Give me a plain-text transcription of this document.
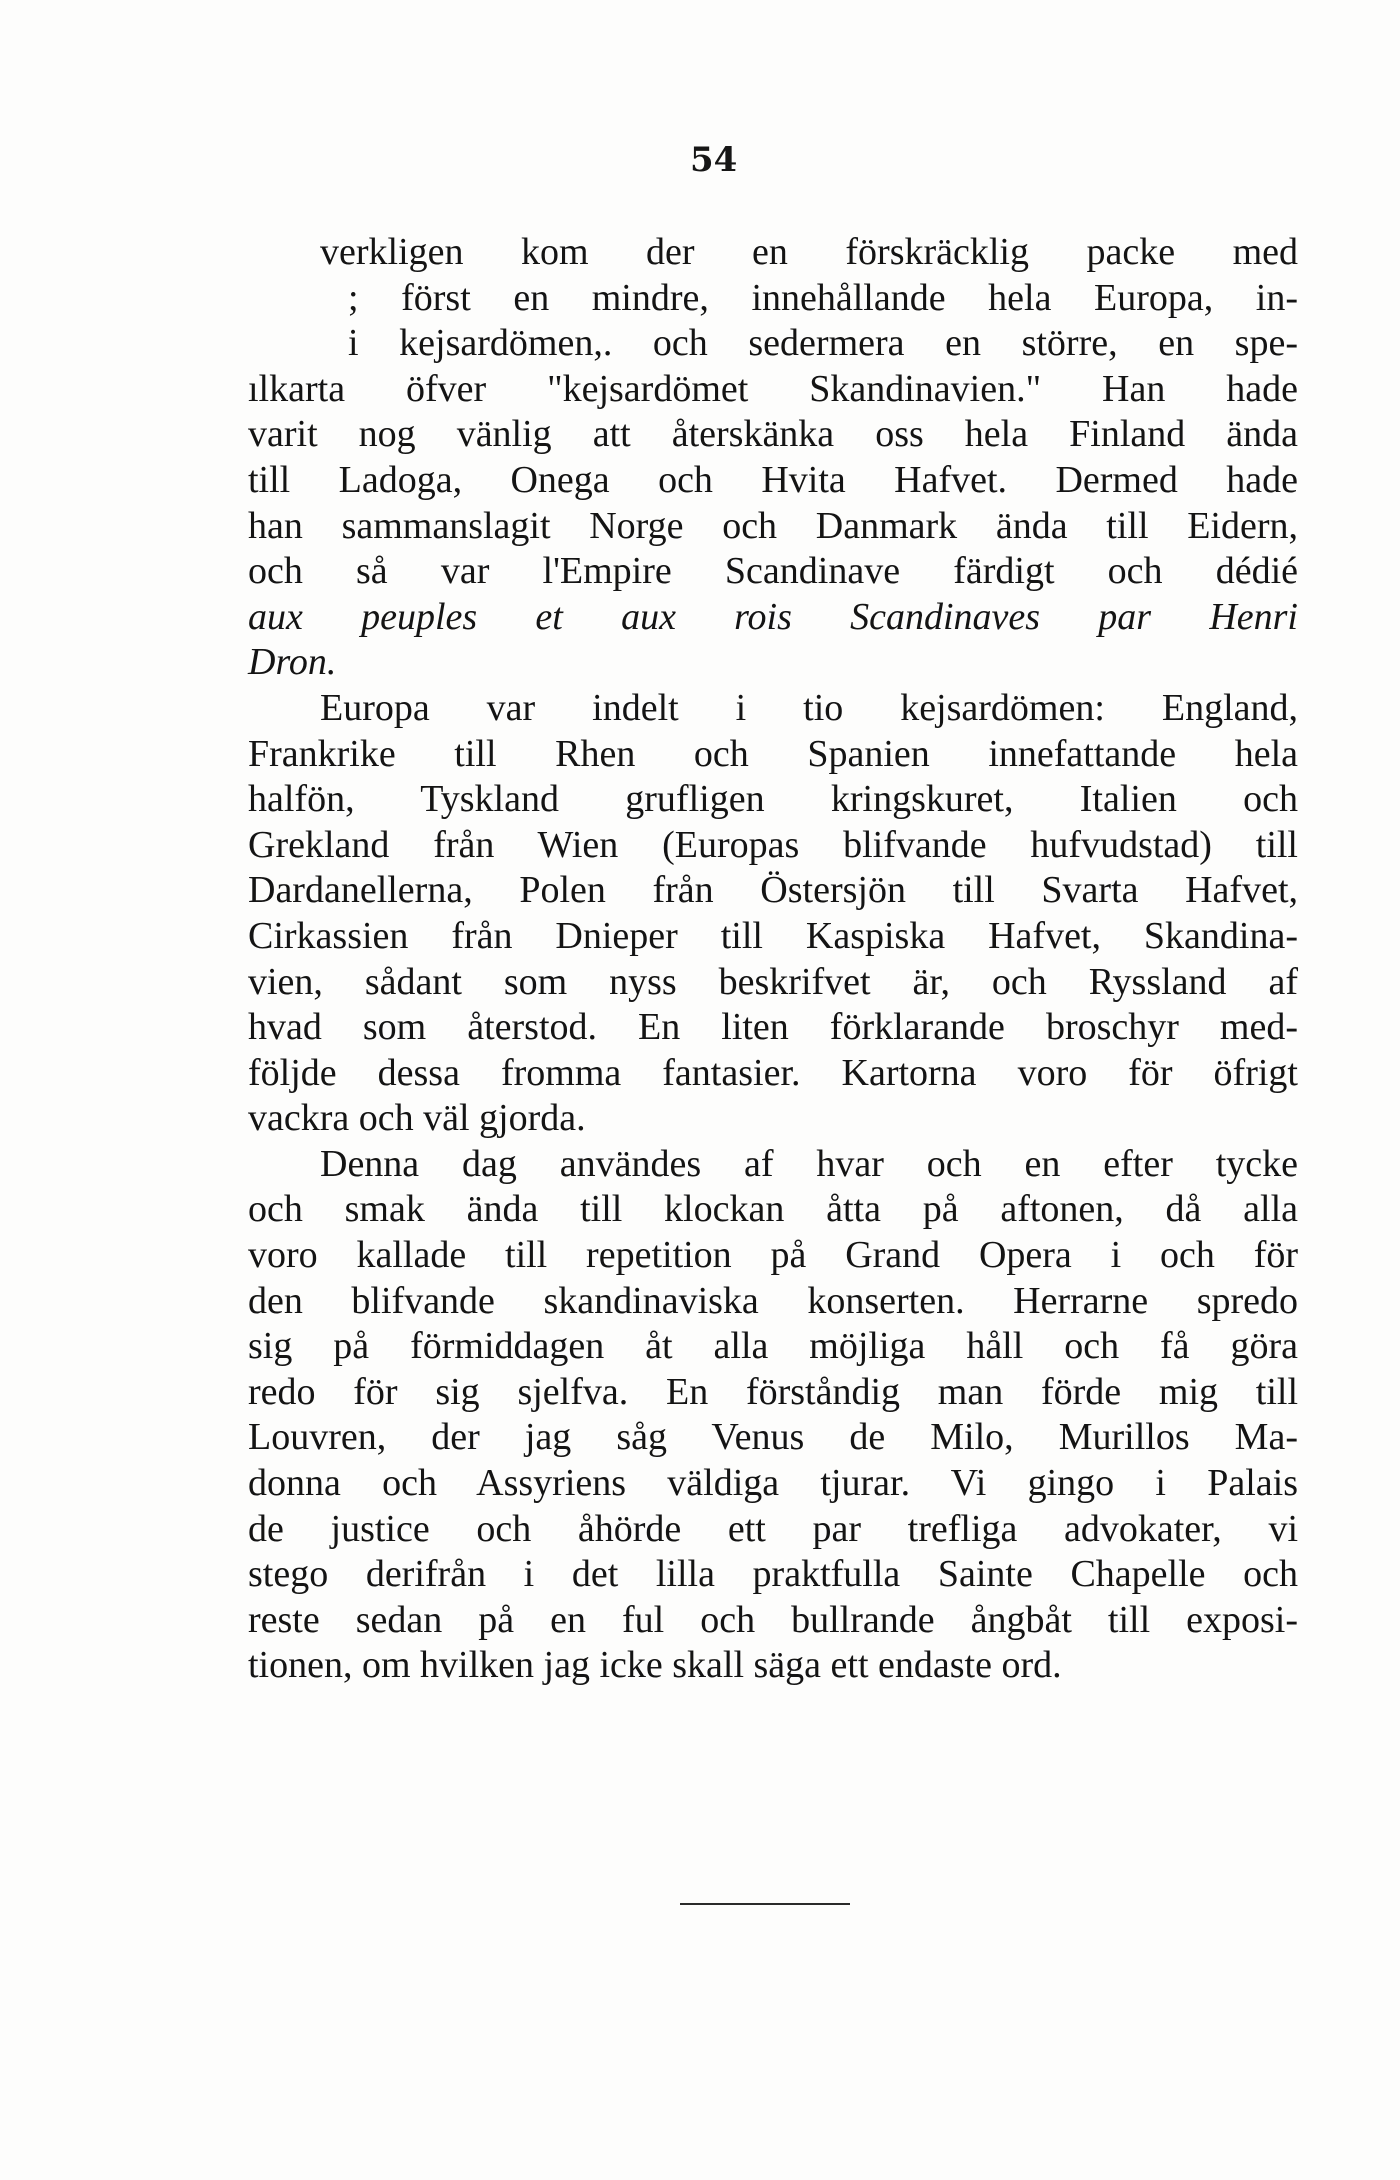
54
verkligen kom der en förskräcklig packe med
; först en mindre, innehållande hela Europa, in-
i kejsardömen,. och sedermera en större, en spe-
ılkarta öfver "kejsardömet Skandinavien." Han hade
varit nog vänlig att återskänka oss hela Finland ända
till Ladoga, Onega och Hvita Hafvet. Dermed hade
han sammanslagit Norge och Danmark ända till Eidern,
och så var l'Empire Scandinave färdigt och dédié
aux peuples et aux rois Scandinaves par Henri
Dron.
Europa var indelt i tio kejsardömen: England,
Frankrike till Rhen och Spanien innefattande hela
halfön, Tyskland grufligen kringskuret, Italien och
Grekland från Wien (Europas blifvande hufvudstad) till
Dardanellerna, Polen från Östersjön till Svarta Hafvet,
Cirkassien från Dnieper till Kaspiska Hafvet, Skandina-
vien, sådant som nyss beskrifvet är, och Ryssland af
hvad som återstod. En liten förklarande broschyr med-
följde dessa fromma fantasier. Kartorna voro för öfrigt
vackra och väl gjorda.
Denna dag användes af hvar och en efter tycke
och smak ända till klockan åtta på aftonen, då alla
voro kallade till repetition på Grand Opera i och för
den blifvande skandinaviska konserten. Herrarne spredo
sig på förmiddagen åt alla möjliga håll och få göra
redo för sig sjelfva. En förståndig man förde mig till
Louvren, der jag såg Venus de Milo, Murillos Ma-
donna och Assyriens väldiga tjurar. Vi gingo i Palais
de justice och åhörde ett par trefliga advokater, vi
stego derifrån i det lilla praktfulla Sainte Chapelle och
reste sedan på en ful och bullrande ångbåt till exposi-
tionen, om hvilken jag icke skall säga ett endaste ord.
